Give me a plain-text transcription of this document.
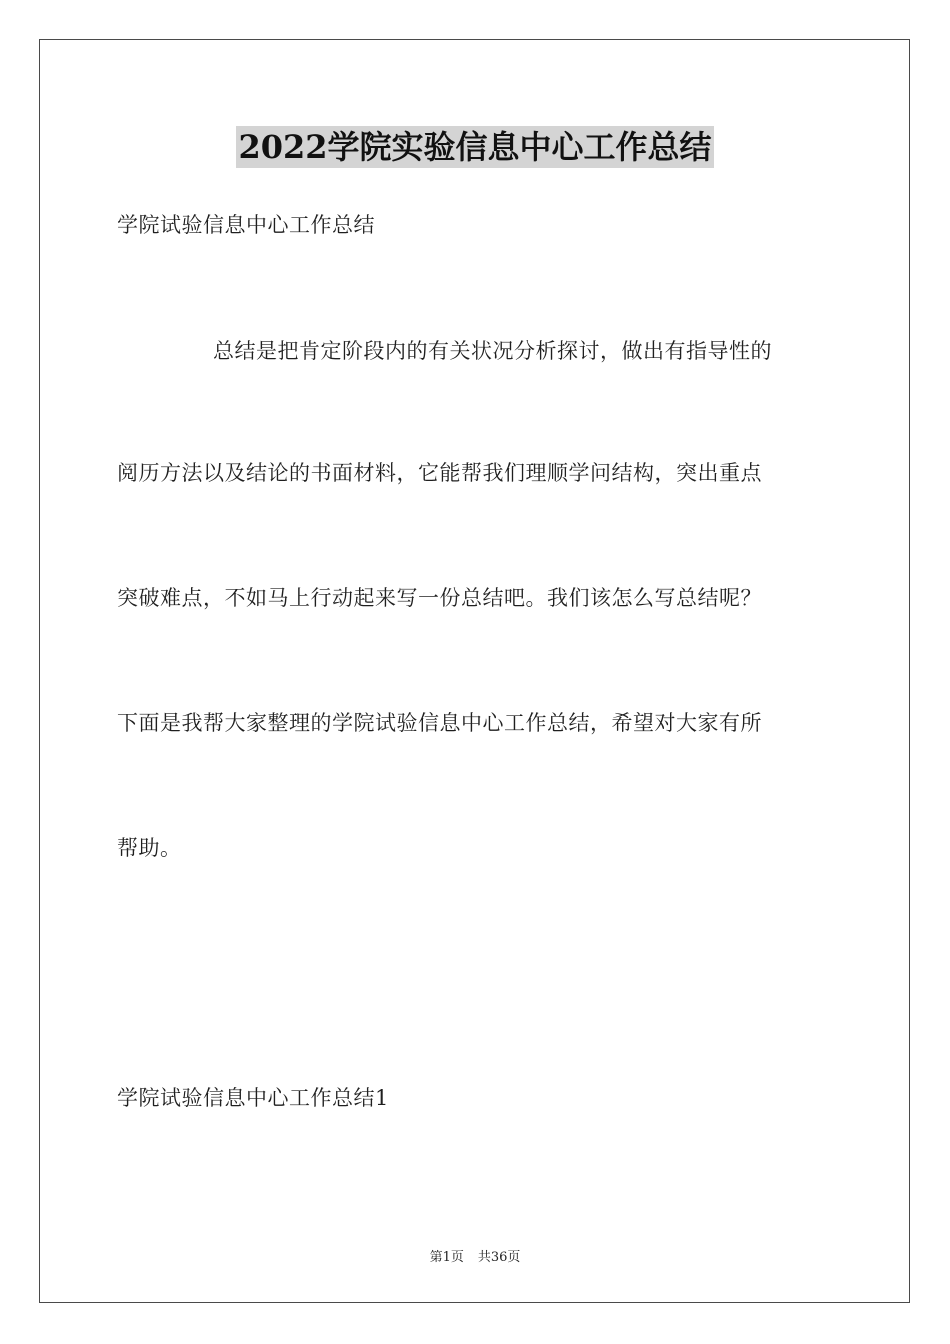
2022学院实验信息中心工作总结
学院试验信息中心工作总结
总结是把肯定阶段内的有关状况分析探讨，做出有指导性的
阅历方法以及结论的书面材料，它能帮我们理顺学问结构，突出重点
突破难点，不如马上行动起来写一份总结吧。我们该怎么写总结呢？
下面是我帮大家整理的学院试验信息中心工作总结，希望对大家有所
帮助。
学院试验信息中心工作总结1
第1页 共36页
